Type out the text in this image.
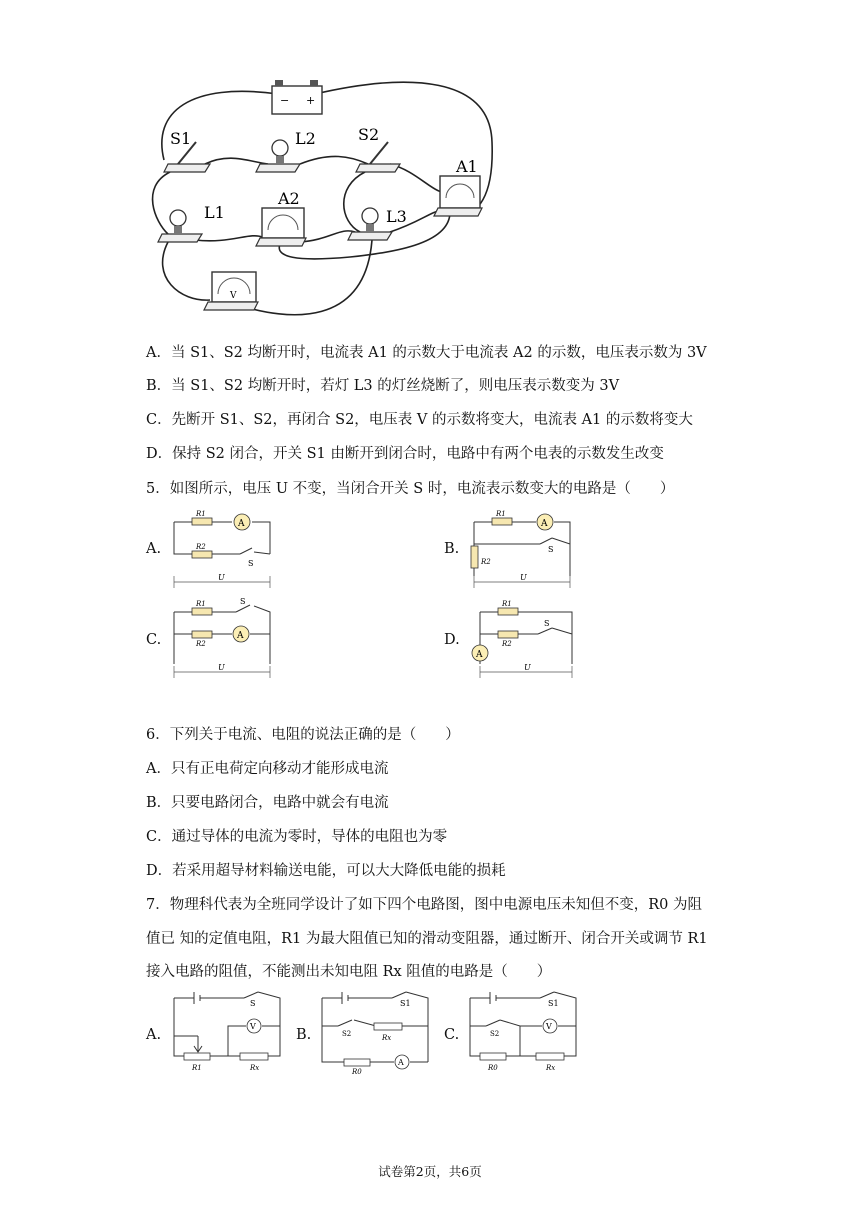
− +
S1	L2	S2
A1
L1
A2
L3
V
A．当 S1、S2 均断开时，电流表 A1 的示数大于电流表 A2 的示数，电压表示数为 3V
B．当 S1、S2 均断开时，若灯 L3 的灯丝烧断了，则电压表示数变为 3V
C．先断开 S1、S2，再闭合 S2，电压表 V 的示数将变大，电流表 A1 的示数将变大
D．保持 S2 闭合，开关 S1 由断开到闭合时，电路中有两个电表的示数发生改变
5．如图所示，电压 U 不变，当闭合开关 S 时，电流表示数变大的电路是（　　）
A.	B.
C.	D.
A
R1
R2
S
U
A
R1
R2
S
U
A
R1
R2
S
U
A
R1
R2
S
U
6．下列关于电流、电阻的说法正确的是（　　）
A．只有正电荷定向移动才能形成电流
B．只要电路闭合，电路中就会有电流
C．通过导体的电流为零时，导体的电阻也为零
D．若采用超导材料输送电能，可以大大降低电能的损耗
7．物理科代表为全班同学设计了如下四个电路图，图中电源电压未知但不变，R0 为阻
值已 知的定值电阻，R1 为最大阻值已知的滑动变阻器，通过断开、闭合开关或调节 R1
接入电路的阻值，不能测出未知电阻 Rx 阻值的电路是（　　）
A.	B.	C.
V
S
R1	Rx
A
S1
S2	Rx
R0
V
S1
S2
R0	Rx
试卷第2页，共6页
